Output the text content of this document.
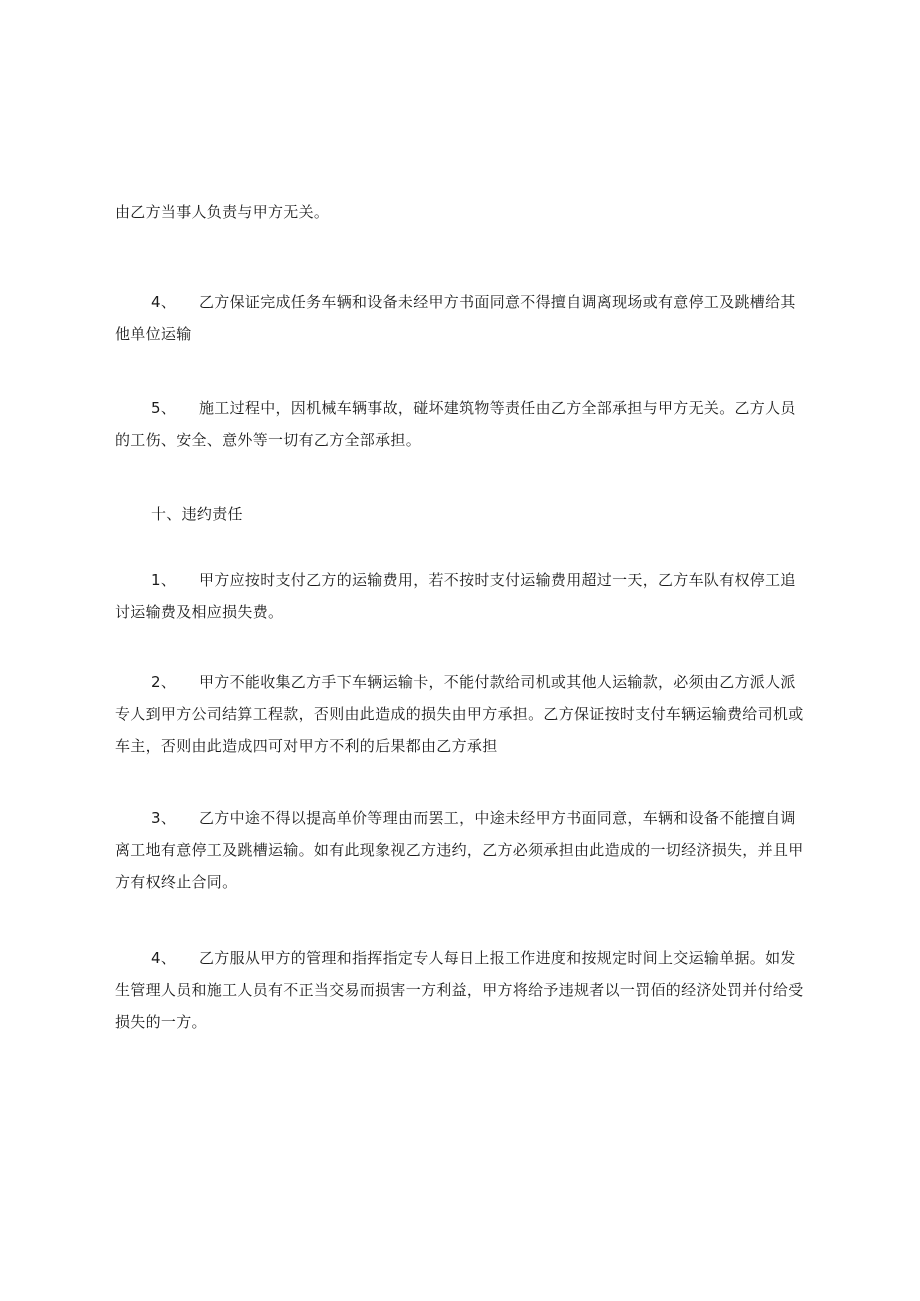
由乙方当事人负责与甲方无关。

4、 乙方保证完成任务车辆和设备未经甲方书面同意不得擅自调离现场或有意停工及跳槽给其他单位运输

5、 施工过程中，因机械车辆事故，碰坏建筑物等责任由乙方全部承担与甲方无关。乙方人员的工伤、安全、意外等一切有乙方全部承担。

十、违约责任

1、 甲方应按时支付乙方的运输费用，若不按时支付运输费用超过一天，乙方车队有权停工追讨运输费及相应损失费。

2、 甲方不能收集乙方手下车辆运输卡，不能付款给司机或其他人运输款，必须由乙方派人派专人到甲方公司结算工程款，否则由此造成的损失由甲方承担。乙方保证按时支付车辆运输费给司机或车主，否则由此造成四可对甲方不利的后果都由乙方承担

3、 乙方中途不得以提高单价等理由而罢工，中途未经甲方书面同意，车辆和设备不能擅自调离工地有意停工及跳槽运输。如有此现象视乙方违约，乙方必须承担由此造成的一切经济损失，并且甲方有权终止合同。

4、 乙方服从甲方的管理和指挥指定专人每日上报工作进度和按规定时间上交运输单据。如发生管理人员和施工人员有不正当交易而损害一方利益，甲方将给予违规者以一罚佰的经济处罚并付给受损失的一方。
